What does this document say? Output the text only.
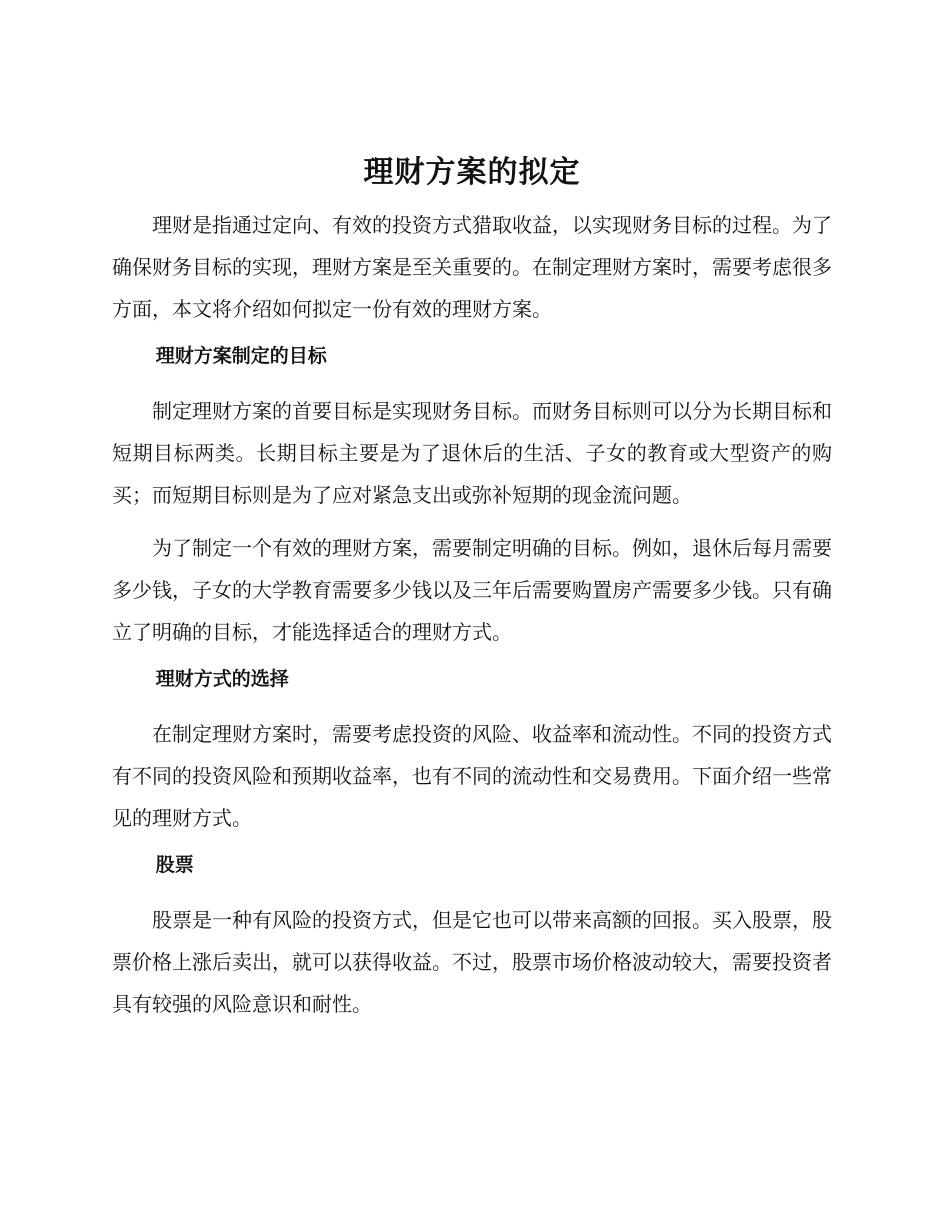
理财方案的拟定

理财是指通过定向、有效的投资方式猎取收益，以实现财务目标的过程。为了确保财务目标的实现，理财方案是至关重要的。在制定理财方案时，需要考虑很多方面，本文将介绍如何拟定一份有效的理财方案。

理财方案制定的目标

制定理财方案的首要目标是实现财务目标。而财务目标则可以分为长期目标和短期目标两类。长期目标主要是为了退休后的生活、子女的教育或大型资产的购买；而短期目标则是为了应对紧急支出或弥补短期的现金流问题。

为了制定一个有效的理财方案，需要制定明确的目标。例如，退休后每月需要多少钱，子女的大学教育需要多少钱以及三年后需要购置房产需要多少钱。只有确立了明确的目标，才能选择适合的理财方式。

理财方式的选择

在制定理财方案时，需要考虑投资的风险、收益率和流动性。不同的投资方式有不同的投资风险和预期收益率，也有不同的流动性和交易费用。下面介绍一些常见的理财方式。

股票

股票是一种有风险的投资方式，但是它也可以带来高额的回报。买入股票，股票价格上涨后卖出，就可以获得收益。不过，股票市场价格波动较大，需要投资者具有较强的风险意识和耐性。
